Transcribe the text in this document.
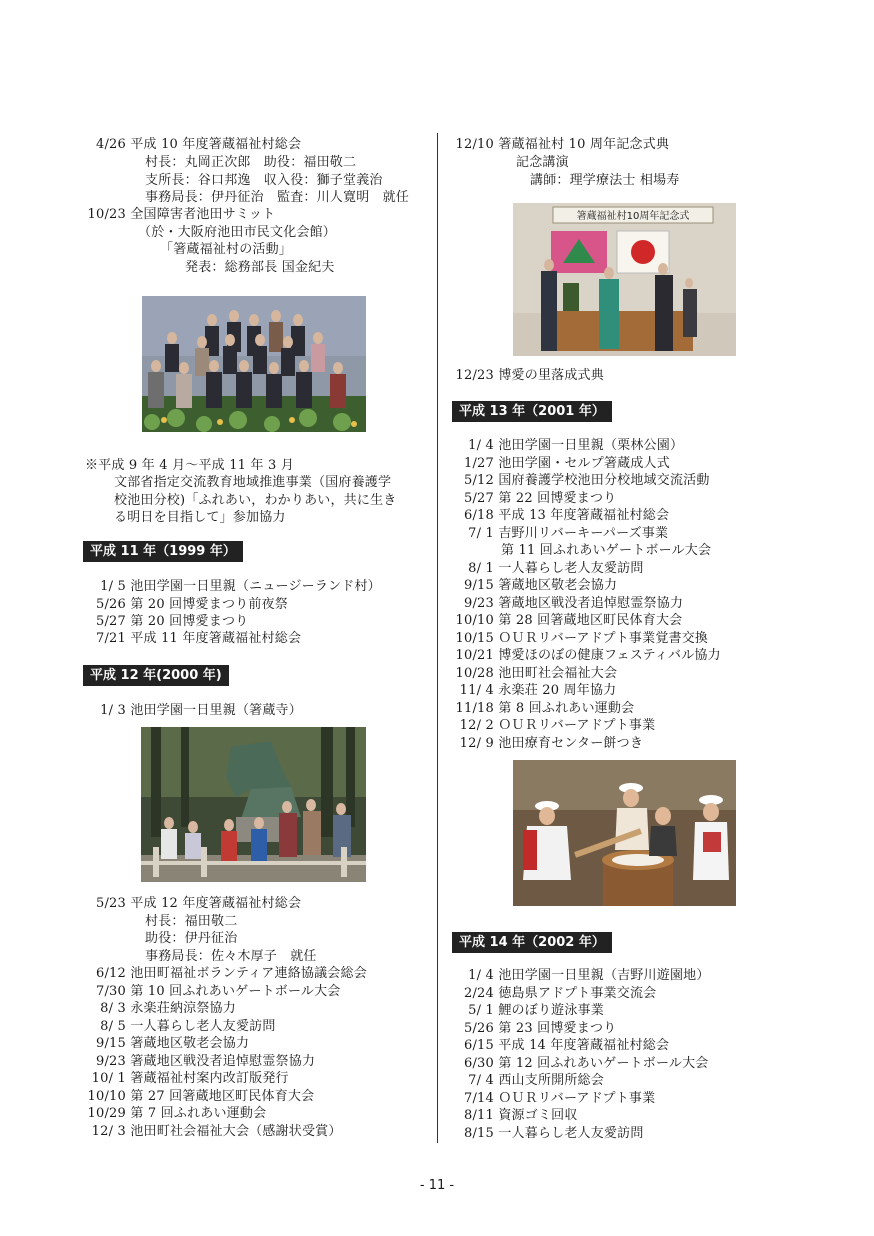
4/26 平成 10 年度箸蔵福祉村総会
村長：丸岡正次郎　助役：福田敬二
支所長：谷口邦逸　収入役：獅子堂義治
事務局長：伊丹征治　監査：川人寛明　就任
10/23 全国障害者池田サミット
（於・大阪府池田市民文化会館）
「箸蔵福祉村の活動」
発表：総務部長 国金紀夫
※平成 9 年 4 月〜平成 11 年 3 月
文部省指定交流教育地域推進事業（国府養護学
校池田分校)「ふれあい，わかりあい，共に生き
る明日を目指して」参加協力
平成 11 年（1999 年）
1/ 5 池田学園一日里親（ニュージーランド村）
5/26 第 20 回博愛まつり前夜祭
5/27 第 20 回博愛まつり
7/21 平成 11 年度箸蔵福祉村総会
平成 12 年(2000 年)
1/ 3 池田学園一日里親（箸蔵寺）
5/23 平成 12 年度箸蔵福祉村総会
村長：福田敬二
助役：伊丹征治
事務局長：佐々木厚子　就任
6/12 池田町福祉ボランティア連絡協議会総会
7/30 第 10 回ふれあいゲートボール大会
8/ 3 永楽荘納涼祭協力
8/ 5 一人暮らし老人友愛訪問
9/15 箸蔵地区敬老会協力
9/23 箸蔵地区戦没者追悼慰霊祭協力
10/ 1 箸蔵福祉村案内改訂版発行
10/10 第 27 回箸蔵地区町民体育大会
10/29 第 7 回ふれあい運動会
12/ 3 池田町社会福祉大会（感謝状受賞）
12/10 箸蔵福祉村 10 周年記念式典
記念講演
講師：理学療法士 相場寿
箸蔵福祉村10周年記念式
12/23 博愛の里落成式典
平成 13 年（2001 年）
1/ 4 池田学園一日里親（栗林公園）
1/27 池田学園・セルプ箸蔵成人式
5/12 国府養護学校池田分校地域交流活動
5/27 第 22 回博愛まつり
6/18 平成 13 年度箸蔵福祉村総会
7/ 1 吉野川リバーキーパーズ事業
第 11 回ふれあいゲートボール大会
8/ 1 一人暮らし老人友愛訪問
9/15 箸蔵地区敬老会協力
9/23 箸蔵地区戦没者追悼慰霊祭協力
10/10 第 28 回箸蔵地区町民体育大会
10/15 ＯＵＲリバーアドプト事業覚書交換
10/21 博愛ほのぼの健康フェスティバル協力
10/28 池田町社会福祉大会
11/ 4 永楽荘 20 周年協力
11/18 第 8 回ふれあい運動会
12/ 2 ＯＵＲリバーアドプト事業
12/ 9 池田療育センター餅つき
平成 14 年（2002 年）
1/ 4 池田学園一日里親（吉野川遊園地）
2/24 徳島県アドプト事業交流会
5/ 1 鯉のぼり遊泳事業
5/26 第 23 回博愛まつり
6/15 平成 14 年度箸蔵福祉村総会
6/30 第 12 回ふれあいゲートボール大会
7/ 4 西山支所開所総会
7/14 ＯＵＲリバーアドプト事業
8/11 資源ゴミ回収
8/15 一人暮らし老人友愛訪問
- 11 -
